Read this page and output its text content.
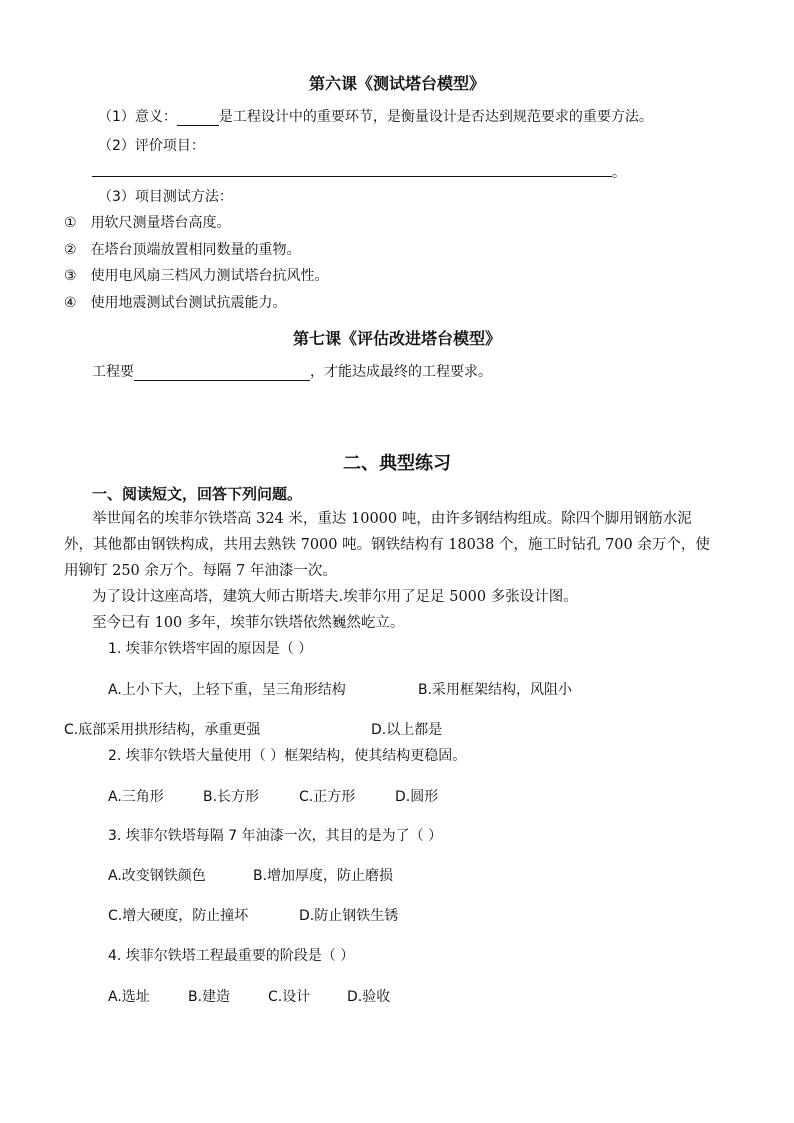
第六课《测试塔台模型》
（1）意义：	是工程设计中的重要环节，是衡量设计是否达到规范要求的重要方法。
（2）评价项目：
。
（3）项目测试方法：
① 用软尺测量塔台高度。
② 在塔台顶端放置相同数量的重物。
③ 使用电风扇三档风力测试塔台抗风性。
④ 使用地震测试台测试抗震能力。
第七课《评估改进塔台模型》
工程要	，才能达成最终的工程要求。
二、典型练习
一、阅读短文，回答下列问题。
举世闻名的埃菲尔铁塔高 324 米，重达 10000 吨，由许多钢结构组成。除四个脚用钢筋水泥
外，其他都由钢铁构成，共用去熟铁 7000 吨。钢铁结构有 18038 个，施工时钻孔 700 余万个，使
用铆钉 250 余万个。每隔 7 年油漆一次。
为了设计这座高塔，建筑大师古斯塔夫.埃菲尔用了足足 5000 多张设计图。
至今已有 100 多年，埃菲尔铁塔依然巍然屹立。
1. 埃菲尔铁塔牢固的原因是（ ）
A.上小下大，上轻下重，呈三角形结构	B.采用框架结构，风阻小
C.底部采用拱形结构，承重更强	D.以上都是
2. 埃菲尔铁塔大量使用（ ）框架结构，使其结构更稳固。
A.三角形	B.长方形	C.正方形	D.圆形
3. 埃菲尔铁塔每隔 7 年油漆一次，其目的是为了（ ）
A.改变钢铁颜色	B.增加厚度，防止磨损
C.增大硬度，防止撞坏	D.防止钢铁生锈
4. 埃菲尔铁塔工程最重要的阶段是（ ）
A.选址	B.建造	C.设计	D.验收
